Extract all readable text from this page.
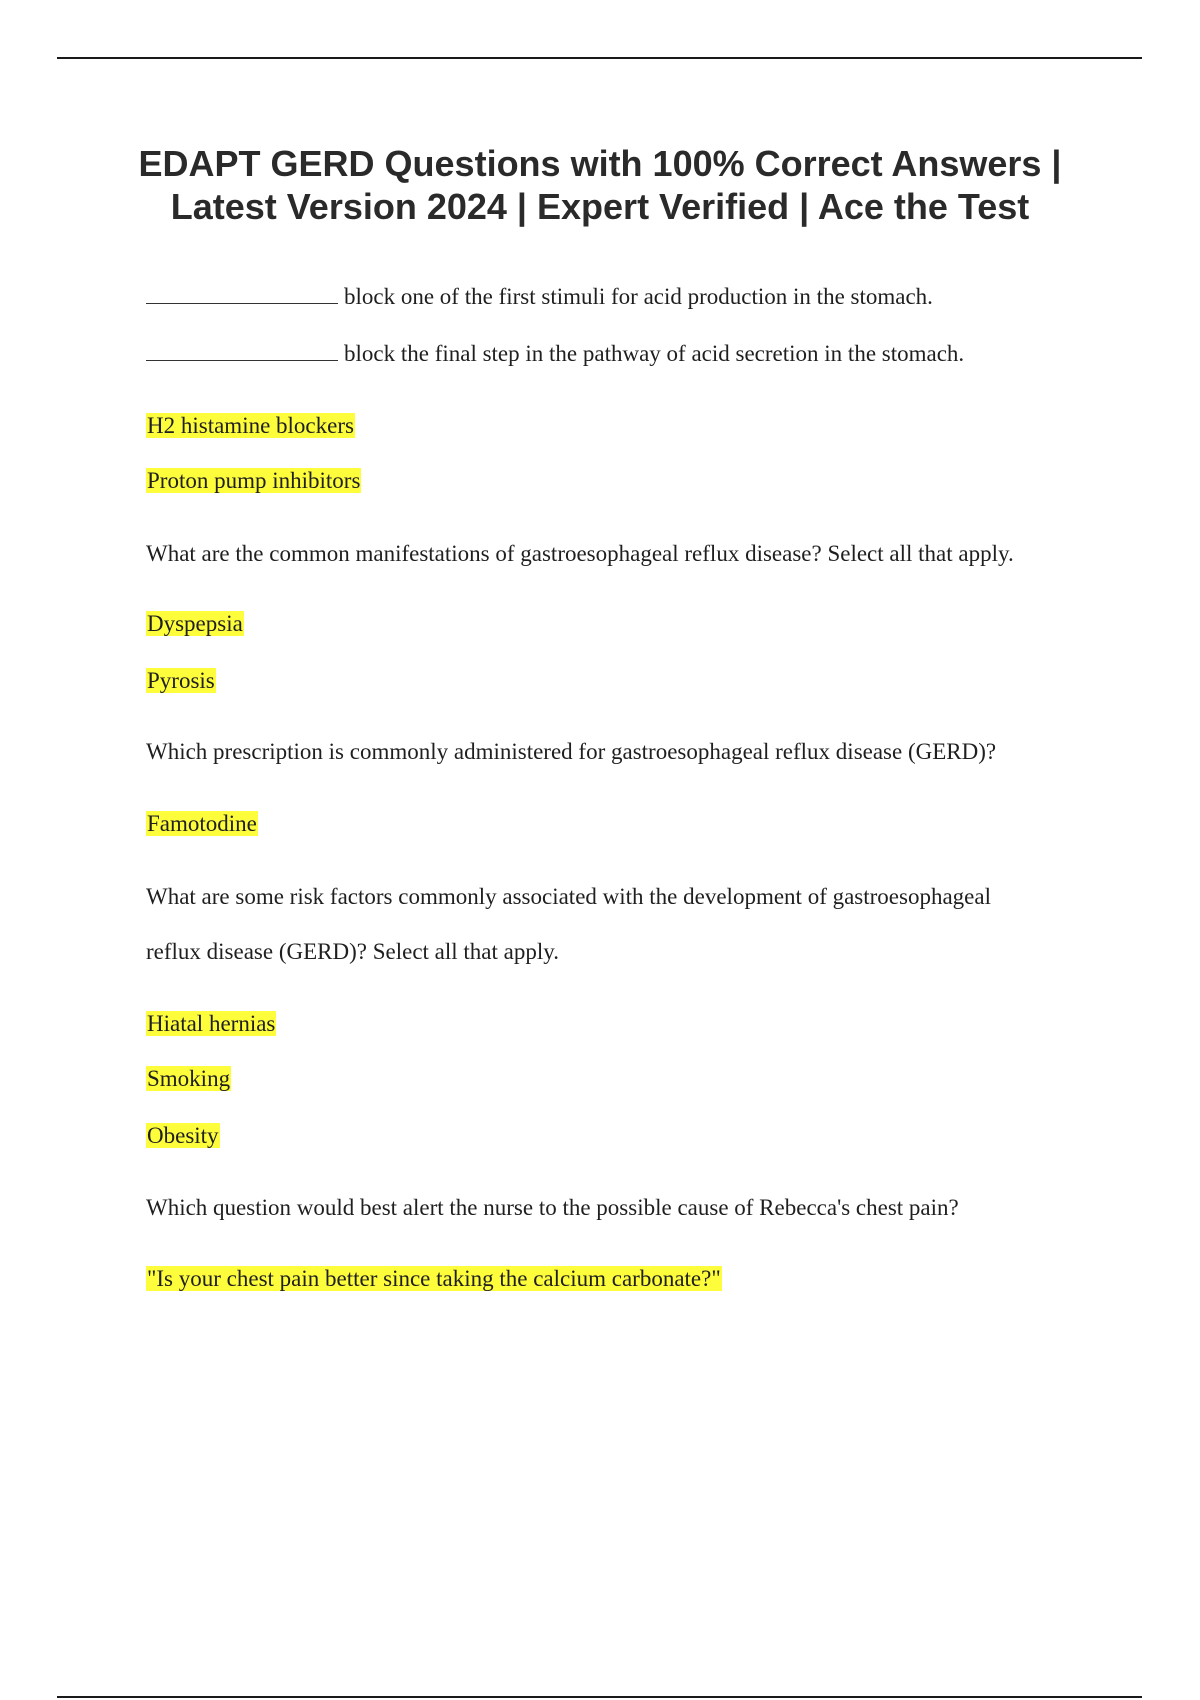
EDAPT GERD Questions with 100% Correct Answers |
Latest Version 2024 | Expert Verified | Ace the Test

block one of the first stimuli for acid production in the stomach.

block the final step in the pathway of acid secretion in the stomach.

H2 histamine blockers

Proton pump inhibitors

What are the common manifestations of gastroesophageal reflux disease? Select all that apply.

Dyspepsia

Pyrosis

Which prescription is commonly administered for gastroesophageal reflux disease (GERD)?

Famotodine

What are some risk factors commonly associated with the development of gastroesophageal

reflux disease (GERD)? Select all that apply.

Hiatal hernias

Smoking

Obesity

Which question would best alert the nurse to the possible cause of Rebecca's chest pain?

"Is your chest pain better since taking the calcium carbonate?"
